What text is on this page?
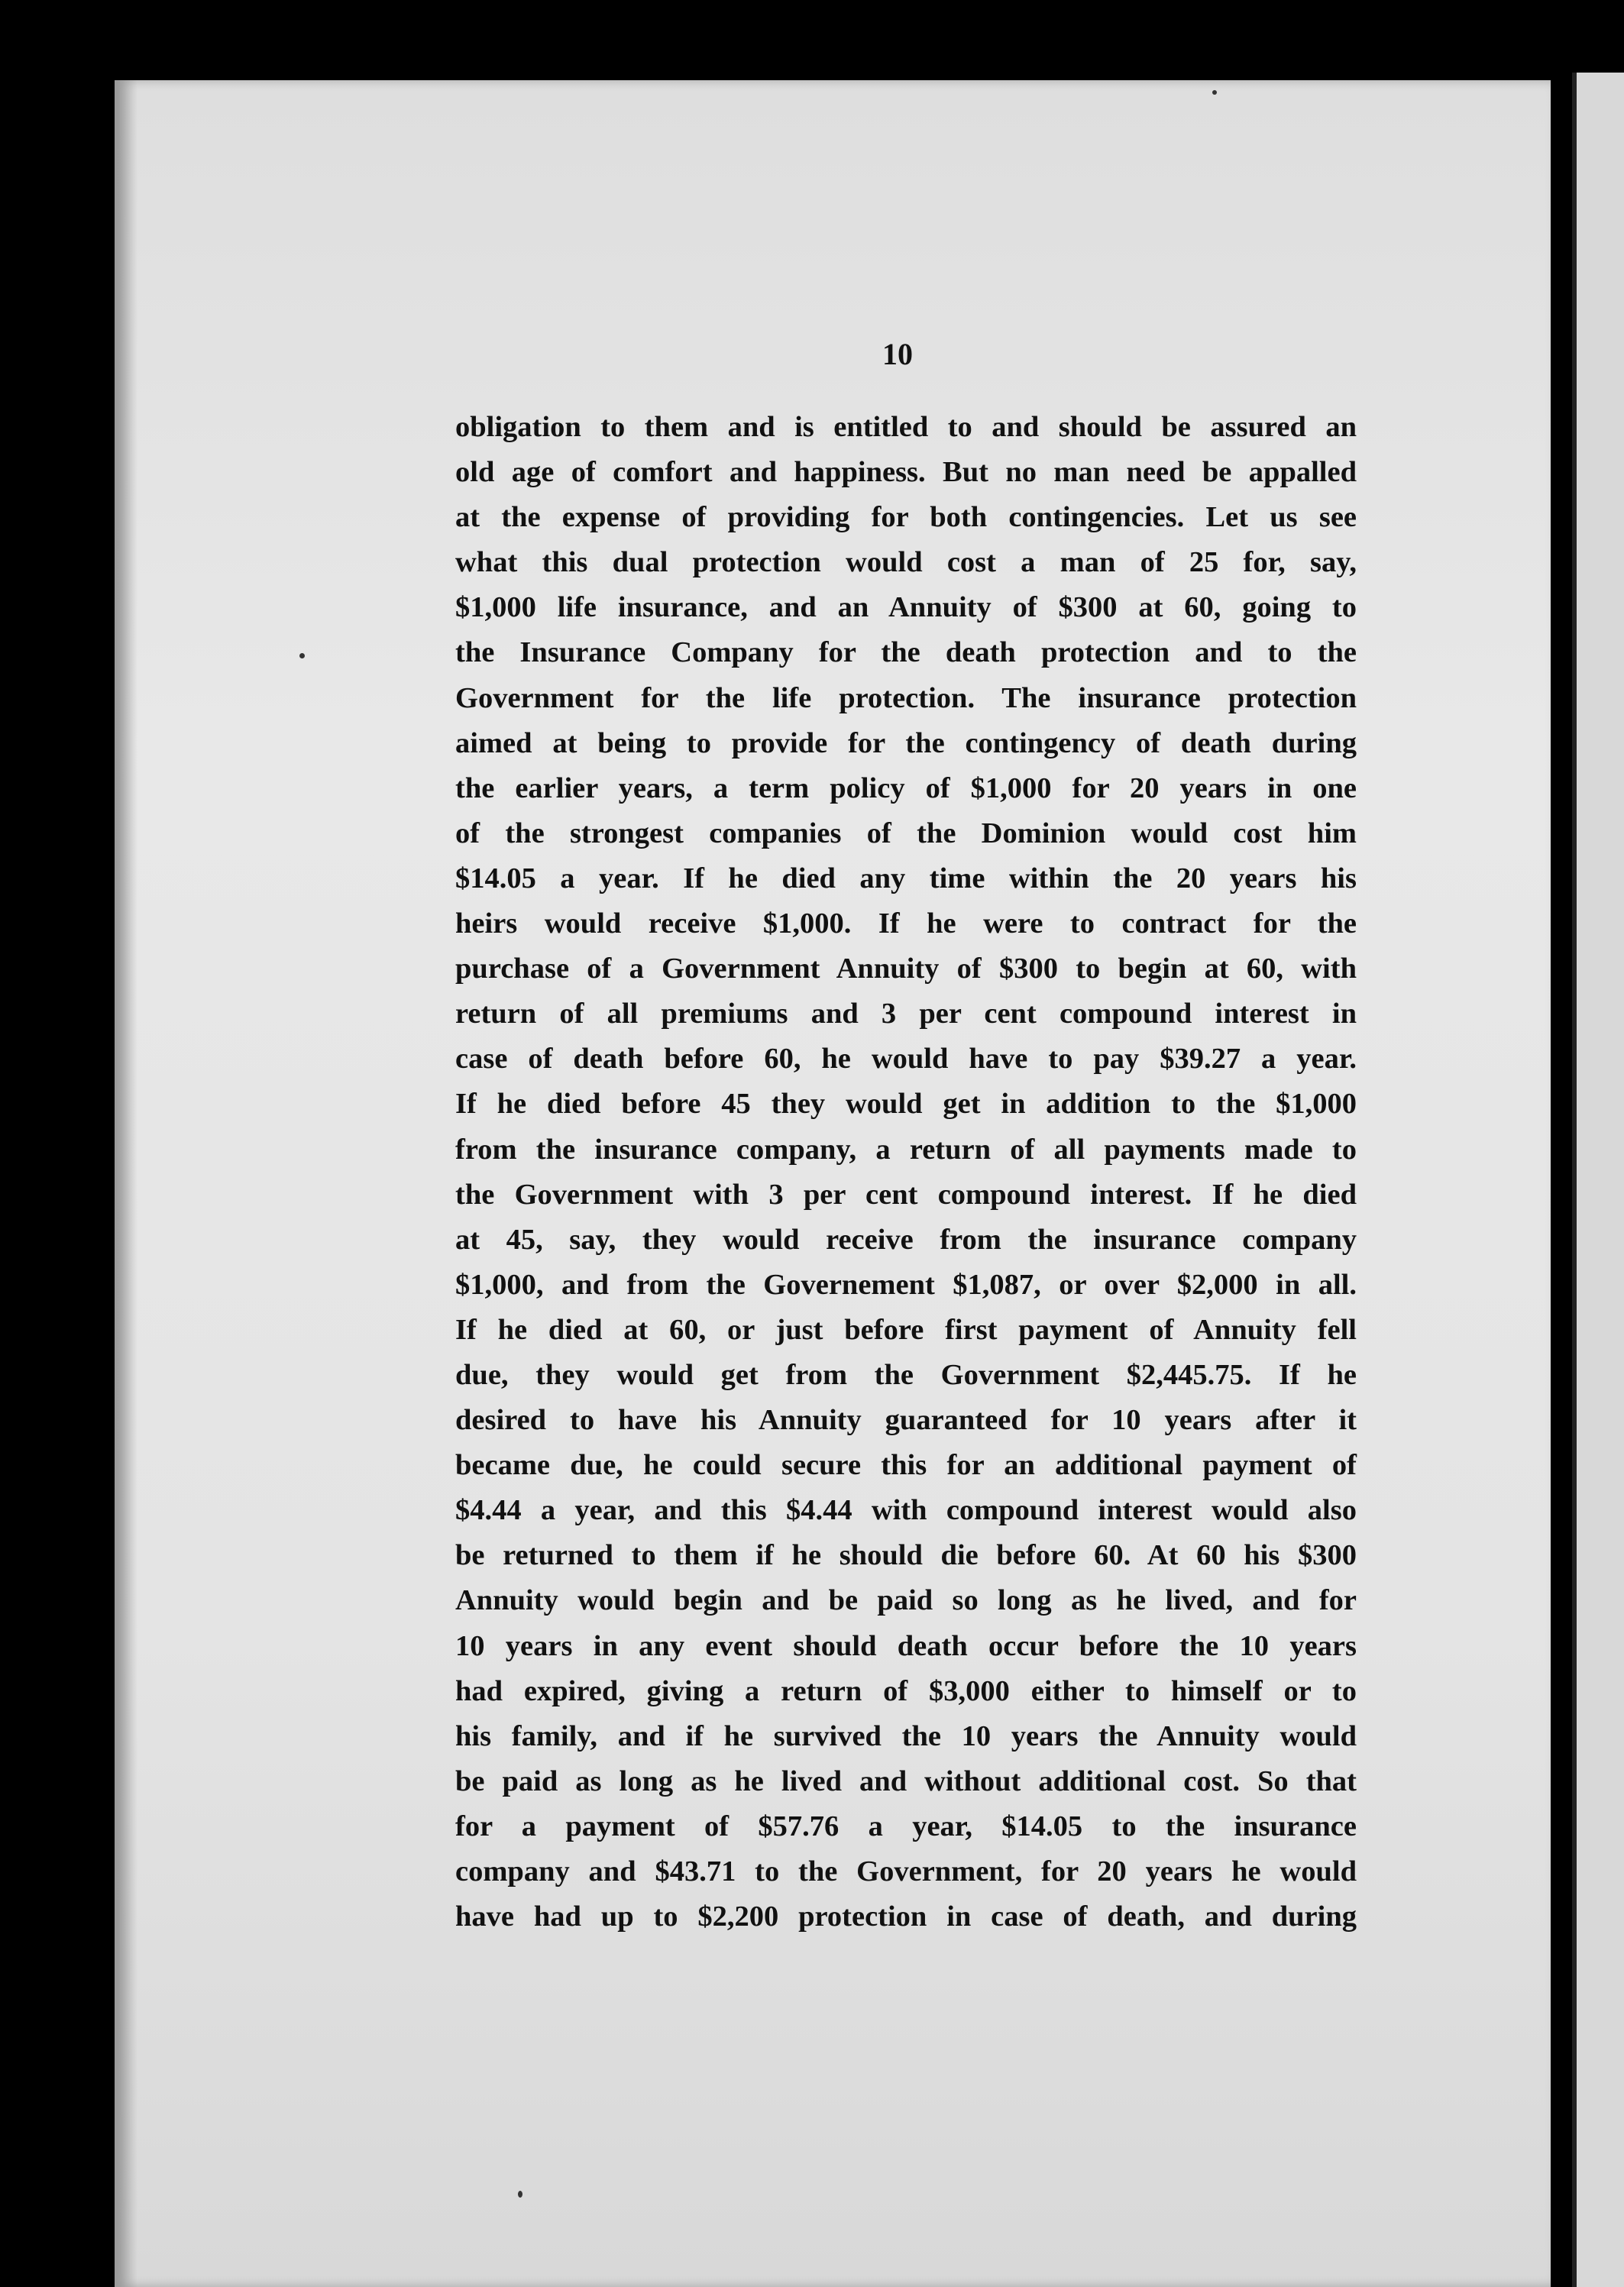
10
obligation to them and is entitled to and should be assured an
old age of comfort and happiness. But no man need be appalled
at the expense of providing for both contingencies. Let us see
what this dual protection would cost a man of 25 for, say,
$1,000 life insurance, and an Annuity of $300 at 60, going to
the Insurance Company for the death protection and to the
Government for the life protection. The insurance protection
aimed at being to provide for the contingency of death during
the earlier years, a term policy of $1,000 for 20 years in one
of the strongest companies of the Dominion would cost him
$14.05 a year. If he died any time within the 20 years his
heirs would receive $1,000. If he were to contract for the
purchase of a Government Annuity of $300 to begin at 60, with
return of all premiums and 3 per cent compound interest in
case of death before 60, he would have to pay $39.27 a year.
If he died before 45 they would get in addition to the $1,000
from the insurance company, a return of all payments made to
the Government with 3 per cent compound interest. If he died
at 45, say, they would receive from the insurance company
$1,000, and from the Governement $1,087, or over $2,000 in all.
If he died at 60, or just before first payment of Annuity fell
due, they would get from the Government $2,445.75. If he
desired to have his Annuity guaranteed for 10 years after it
became due, he could secure this for an additional payment of
$4.44 a year, and this $4.44 with compound interest would also
be returned to them if he should die before 60. At 60 his $300
Annuity would begin and be paid so long as he lived, and for
10 years in any event should death occur before the 10 years
had expired, giving a return of $3,000 either to himself or to
his family, and if he survived the 10 years the Annuity would
be paid as long as he lived and without additional cost. So that
for a payment of $57.76 a year, $14.05 to the insurance
company and $43.71 to the Government, for 20 years he would
have had up to $2,200 protection in case of death, and during
